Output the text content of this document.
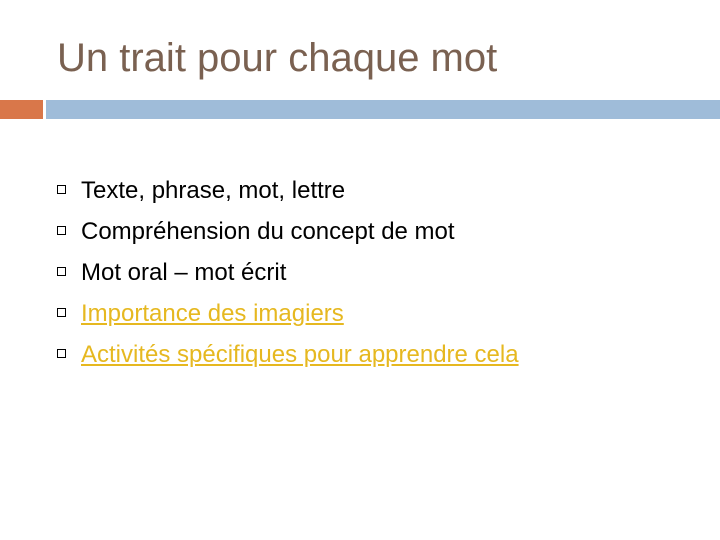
Un trait pour chaque mot
Texte, phrase, mot, lettre
Compréhension du concept de mot
Mot oral – mot écrit
Importance des imagiers
Activités spécifiques pour apprendre cela
